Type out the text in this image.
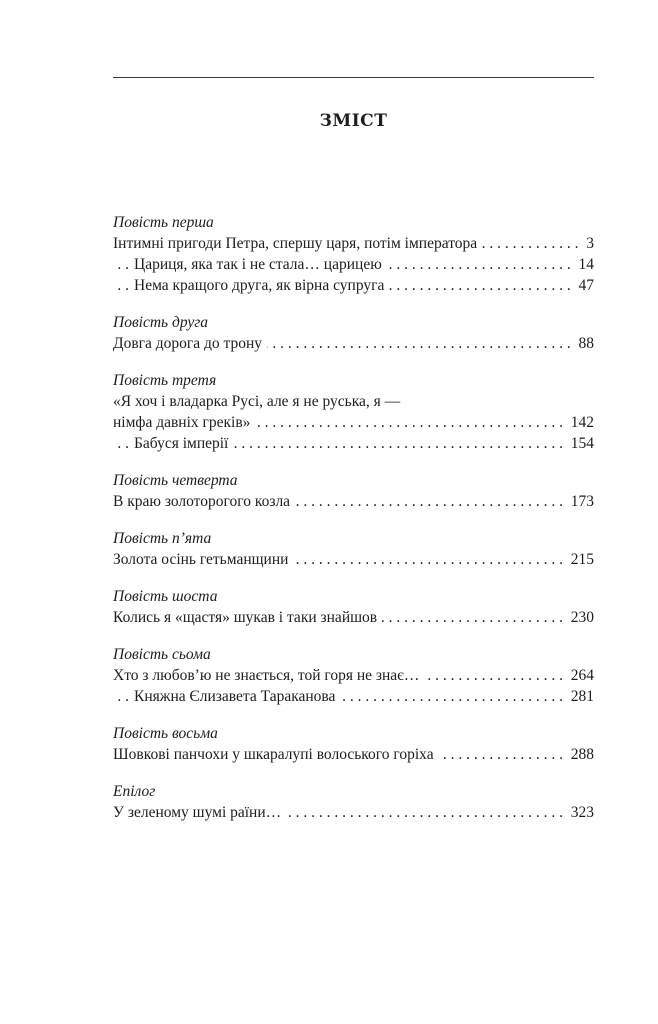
ЗМІСТ
Повість перша
. . . Інтимні пригоди Петра, спершу царя, потім імператора	3
. . . Цариця, яка так і не стала… царицею	14
. . . Нема кращого друга, як вірна супруга	47
Повість друга
. . . Довга дорога до трону	88
Повість третя
«Я хоч і владарка Русі, але я не руська, я —
. . . німфа давніх греків»	142
. . . Бабуся імперії	154
Повість четверта
. . . В краю золоторогого козла	173
Повість п’ята
. . . Золота осінь гетьманщини	215
Повість шоста
. . . Колись я «щастя» шукав і таки знайшов	230
Повість сьома
. . . Хто з любов’ю не знається, той горя не знає…	264
. . . Княжна Єлизавета Тараканова	281
Повість восьма
. . . Шовкові панчохи у шкаралупі волоського горіха	288
Епілог
. . . У зеленому шумі раїни…	323
